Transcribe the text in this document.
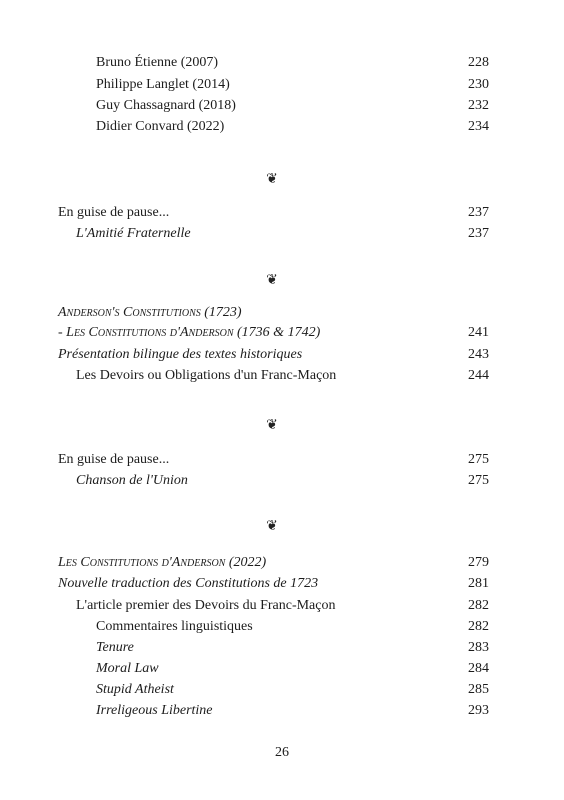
Bruno Étienne (2007)	228
Philippe Langlet (2014)	230
Guy Chassagnard (2018)	232
Didier Convard (2022)	234
❦
En guise de pause...	237
L'Amitié Fraternelle	237
❦
Anderson's Constitutions (1723)
- Les Constitutions d'Anderson (1736 & 1742)	241
Présentation bilingue des textes historiques	243
Les Devoirs ou Obligations d'un Franc-Maçon	244
❦
En guise de pause...	275
Chanson de l'Union	275
❦
Les Constitutions d'Anderson (2022)	279
Nouvelle traduction des Constitutions de 1723	281
L'article premier des Devoirs du Franc-Maçon	282
Commentaires linguistiques	282
Tenure	283
Moral Law	284
Stupid Atheist	285
Irreligeous Libertine	293
26
